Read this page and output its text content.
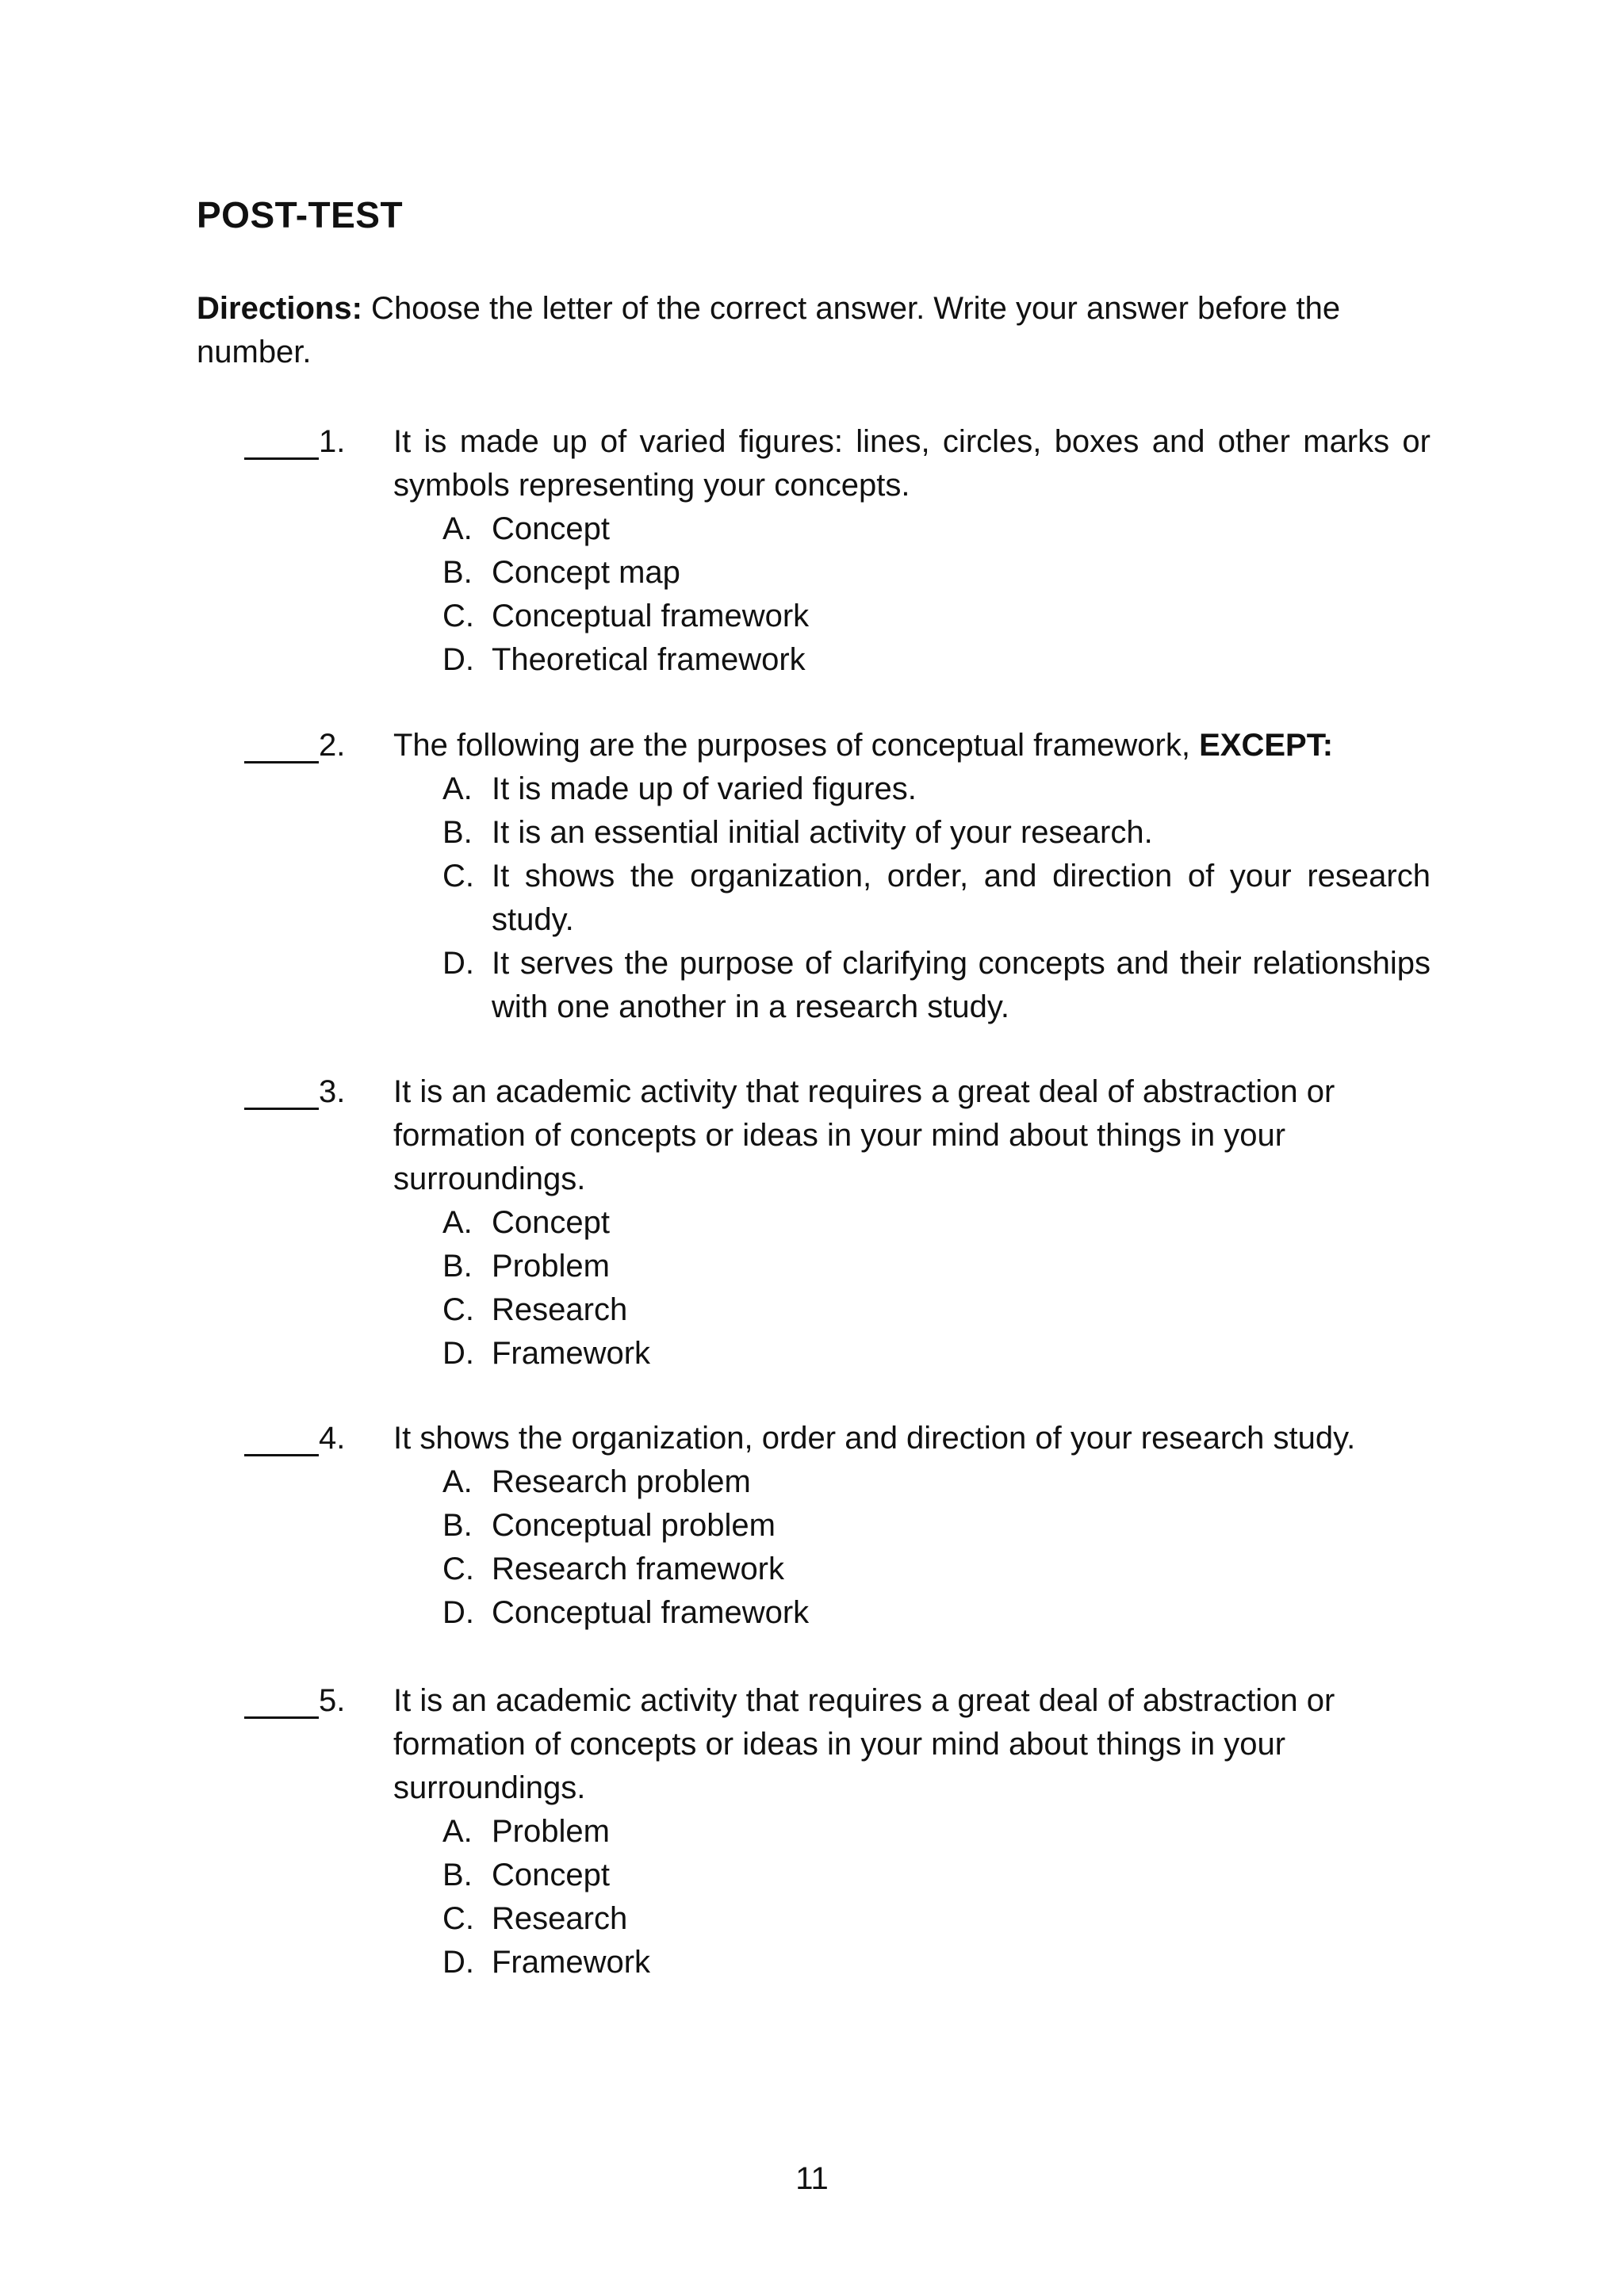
POST-TEST

Directions: Choose the letter of the correct answer. Write your answer before the number.

1. It is made up of varied figures: lines, circles, boxes and other marks or symbols representing your concepts.
A. Concept
B. Concept map
C. Conceptual framework
D. Theoretical framework
2. The following are the purposes of conceptual framework, EXCEPT:
A. It is made up of varied figures.
B. It is an essential initial activity of your research.
C. It shows the organization, order, and direction of your research study.
D. It serves the purpose of clarifying concepts and their relationships with one another in a research study.
3. It is an academic activity that requires a great deal of abstraction or formation of concepts or ideas in your mind about things in your surroundings.
A. Concept
B. Problem
C. Research
D. Framework
4. It shows the organization, order and direction of your research study.
A. Research problem
B. Conceptual problem
C. Research framework
D. Conceptual framework
5. It is an academic activity that requires a great deal of abstraction or formation of concepts or ideas in your mind about things in your surroundings.
A. Problem
B. Concept
C. Research
D. Framework
11
